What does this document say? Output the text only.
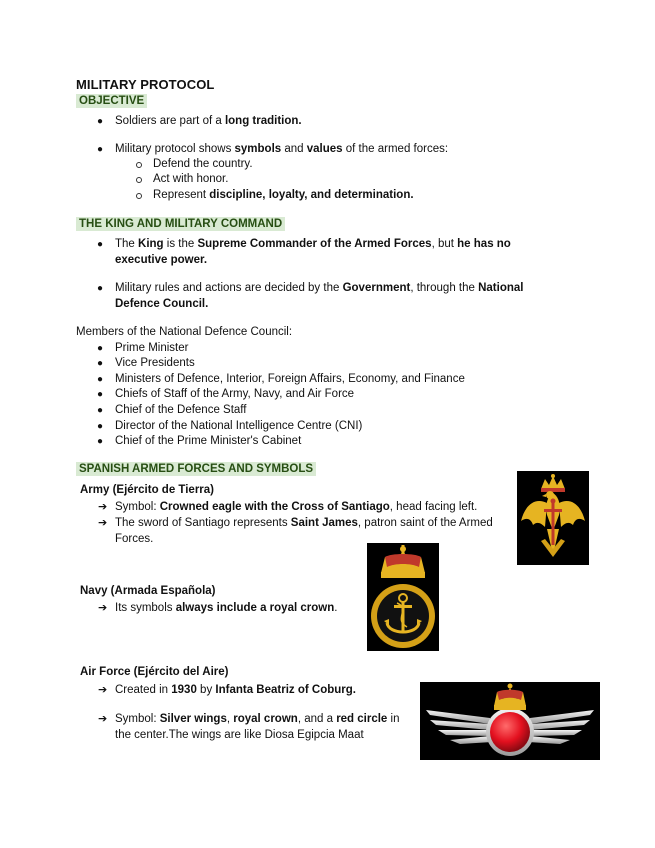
MILITARY PROTOCOL
OBJECTIVE
● Soldiers are part of a long tradition.
● Military protocol shows symbols and values of the armed forces:
Defend the country.
Act with honor.
Represent discipline, loyalty, and determination.
THE KING AND MILITARY COMMAND
● The King is the Supreme Commander of the Armed Forces, but he has no
executive power.
● Military rules and actions are decided by the Government, through the National
Defence Council.
Members of the National Defence Council:
● Prime Minister
● Vice Presidents
● Ministers of Defence, Interior, Foreign Affairs, Economy, and Finance
● Chiefs of Staff of the Army, Navy, and Air Force
● Chief of the Defence Staff
● Director of the National Intelligence Centre (CNI)
● Chief of the Prime Minister's Cabinet
SPANISH ARMED FORCES AND SYMBOLS
Army (Ejército de Tierra)
➔ Symbol: Crowned eagle with the Cross of Santiago, head facing left.
➔ The sword of Santiago represents Saint James, patron saint of the Armed
Forces.
Navy (Armada Española)
➔ Its symbols always include a royal crown.
Air Force (Ejército del Aire)
➔ Created in 1930 by Infanta Beatriz of Coburg.
➔ Symbol: Silver wings, royal crown, and a red circle in
the center.The wings are like Diosa Egipcia Maat
